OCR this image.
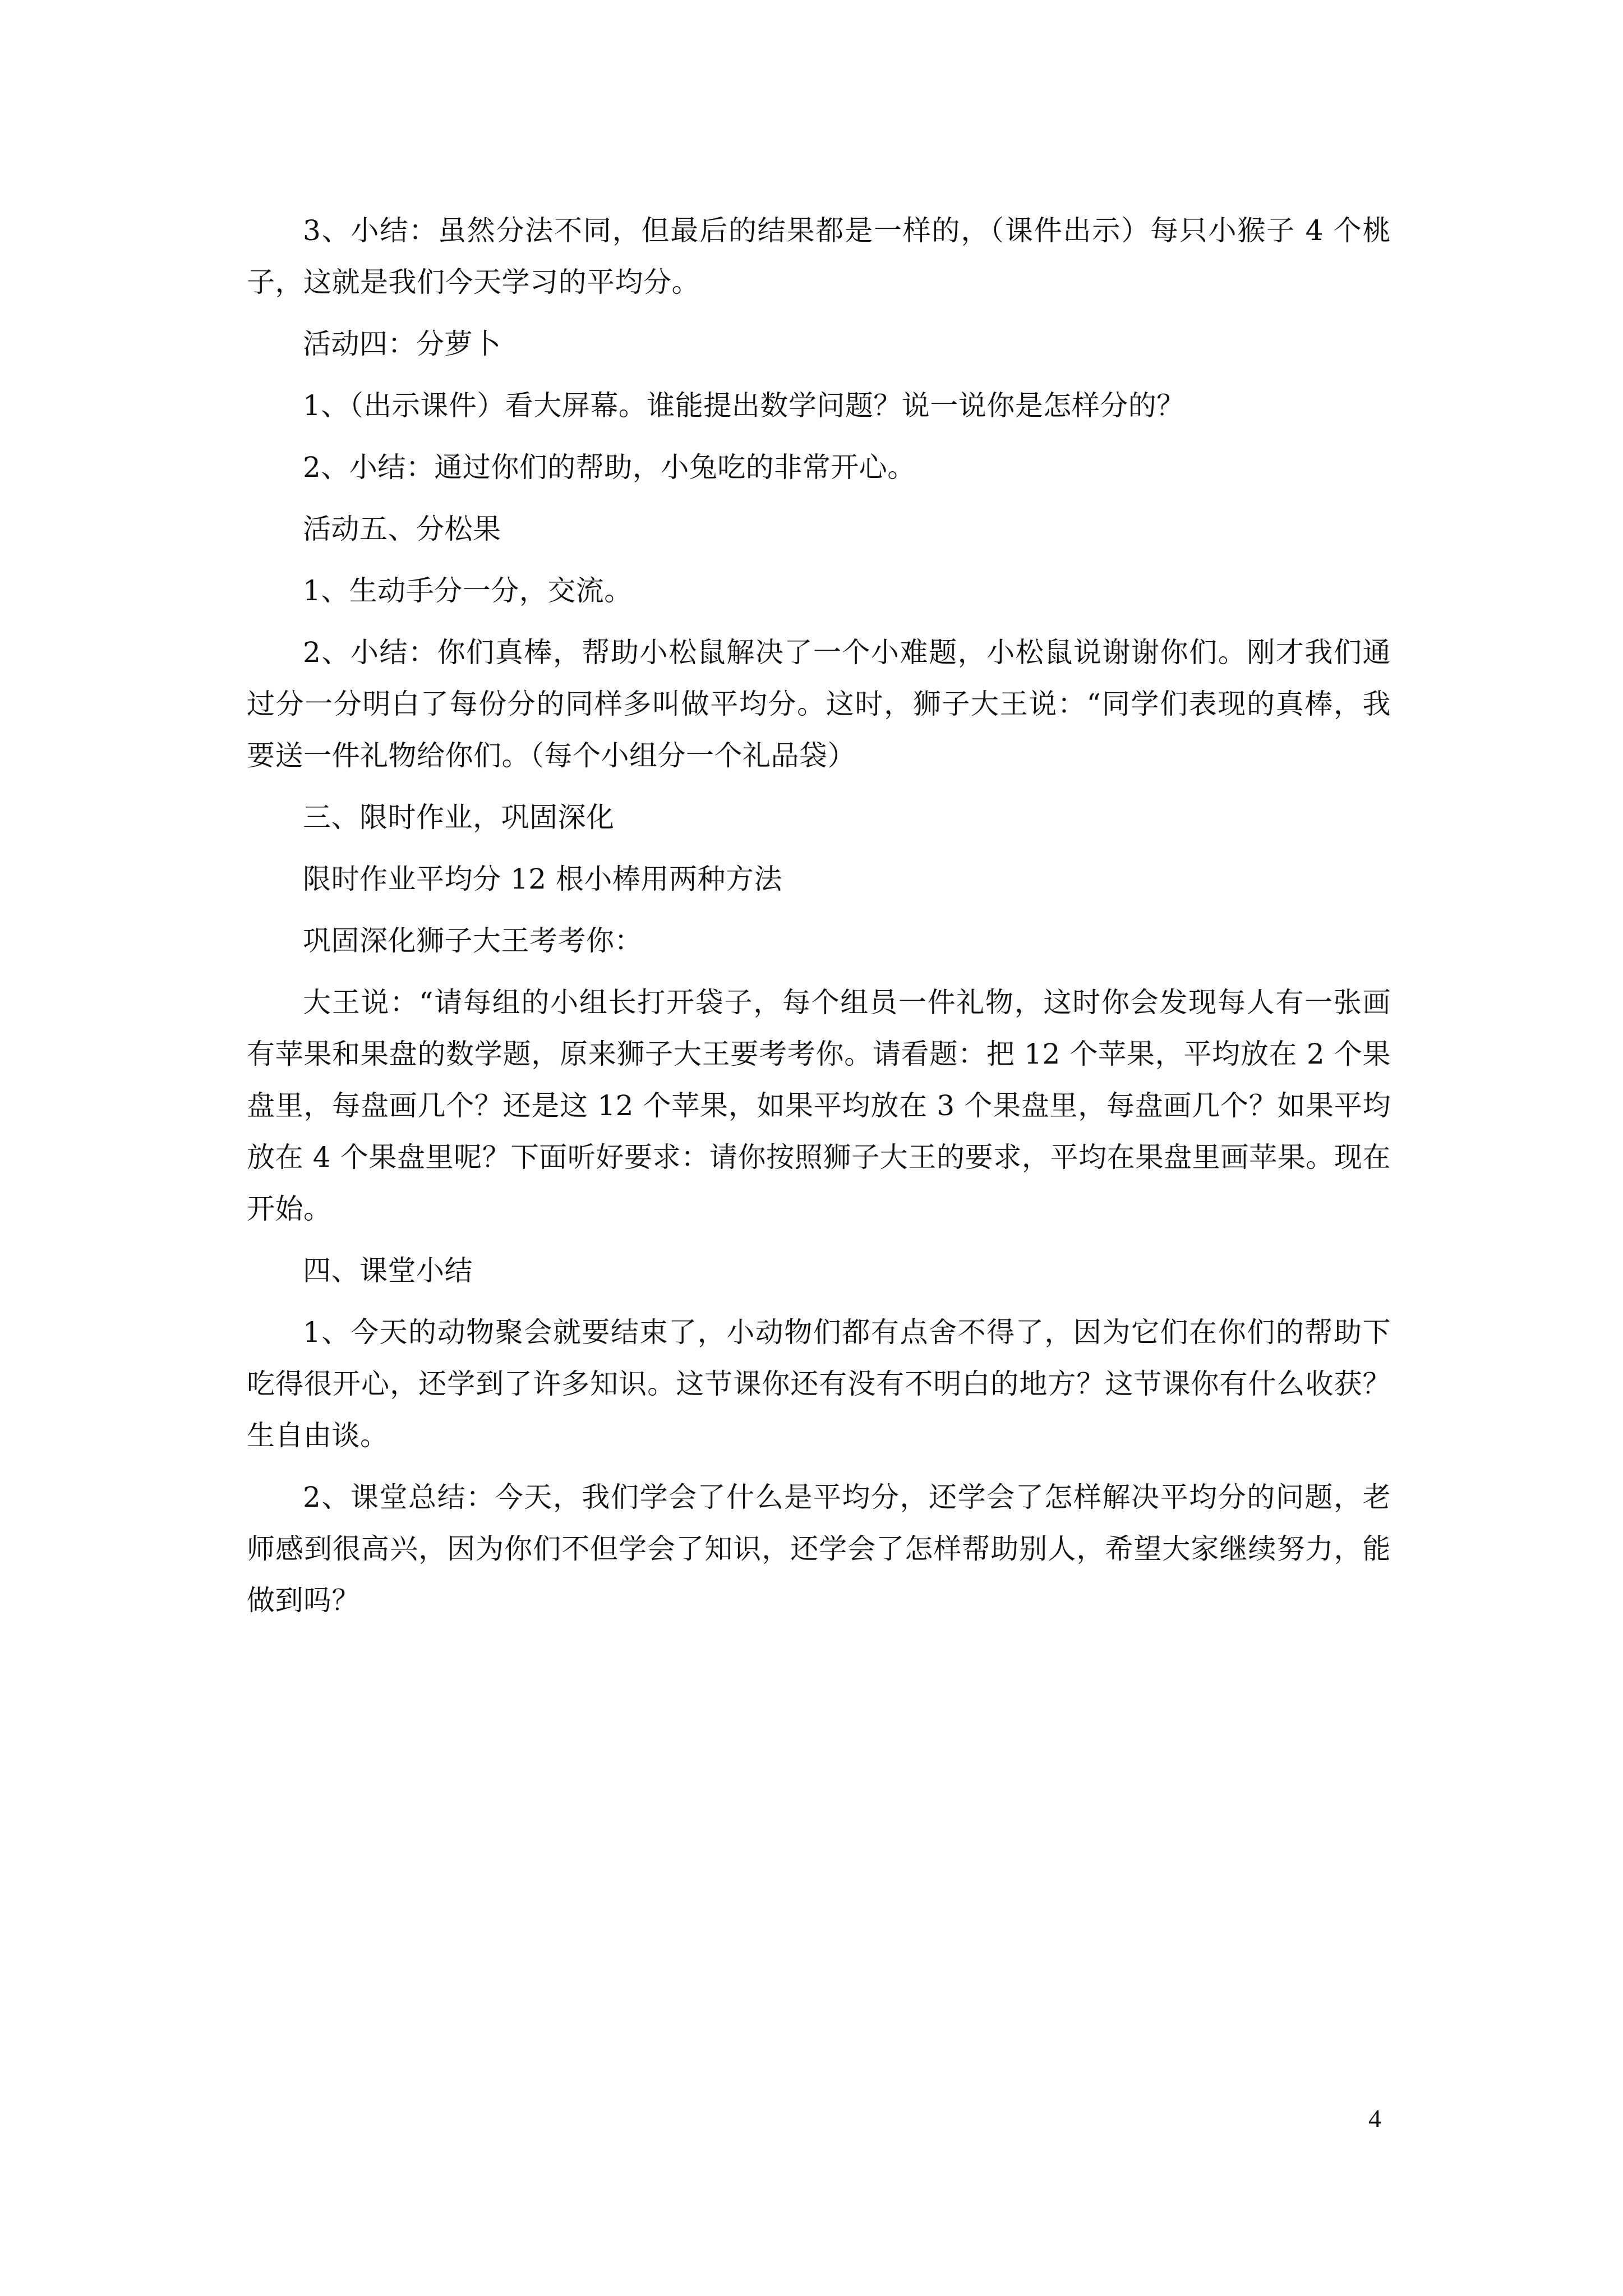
3、小结：虽然分法不同，但最后的结果都是一样的，（课件出示）每只小猴子 4 个桃子，这就是我们今天学习的平均分。

活动四：分萝卜

1、（出示课件）看大屏幕。谁能提出数学问题？说一说你是怎样分的？

2、小结：通过你们的帮助，小兔吃的非常开心。

活动五、分松果

1、生动手分一分，交流。

2、小结：你们真棒，帮助小松鼠解决了一个小难题，小松鼠说谢谢你们。刚才我们通过分一分明白了每份分的同样多叫做平均分。这时，狮子大王说：“同学们表现的真棒，我要送一件礼物给你们。（每个小组分一个礼品袋）

三、限时作业，巩固深化

限时作业平均分 12 根小棒用两种方法

巩固深化狮子大王考考你：

大王说：“请每组的小组长打开袋子，每个组员一件礼物，这时你会发现每人有一张画有苹果和果盘的数学题，原来狮子大王要考考你。请看题：把 12 个苹果，平均放在 2 个果盘里，每盘画几个？还是这 12 个苹果，如果平均放在 3 个果盘里，每盘画几个？如果平均放在 4 个果盘里呢？下面听好要求：请你按照狮子大王的要求，平均在果盘里画苹果。现在开始。

四、课堂小结

1、今天的动物聚会就要结束了，小动物们都有点舍不得了，因为它们在你们的帮助下吃得很开心，还学到了许多知识。这节课你还有没有不明白的地方？这节课你有什么收获？生自由谈。

2、课堂总结：今天，我们学会了什么是平均分，还学会了怎样解决平均分的问题，老师感到很高兴，因为你们不但学会了知识，还学会了怎样帮助别人，希望大家继续努力，能做到吗？

4
